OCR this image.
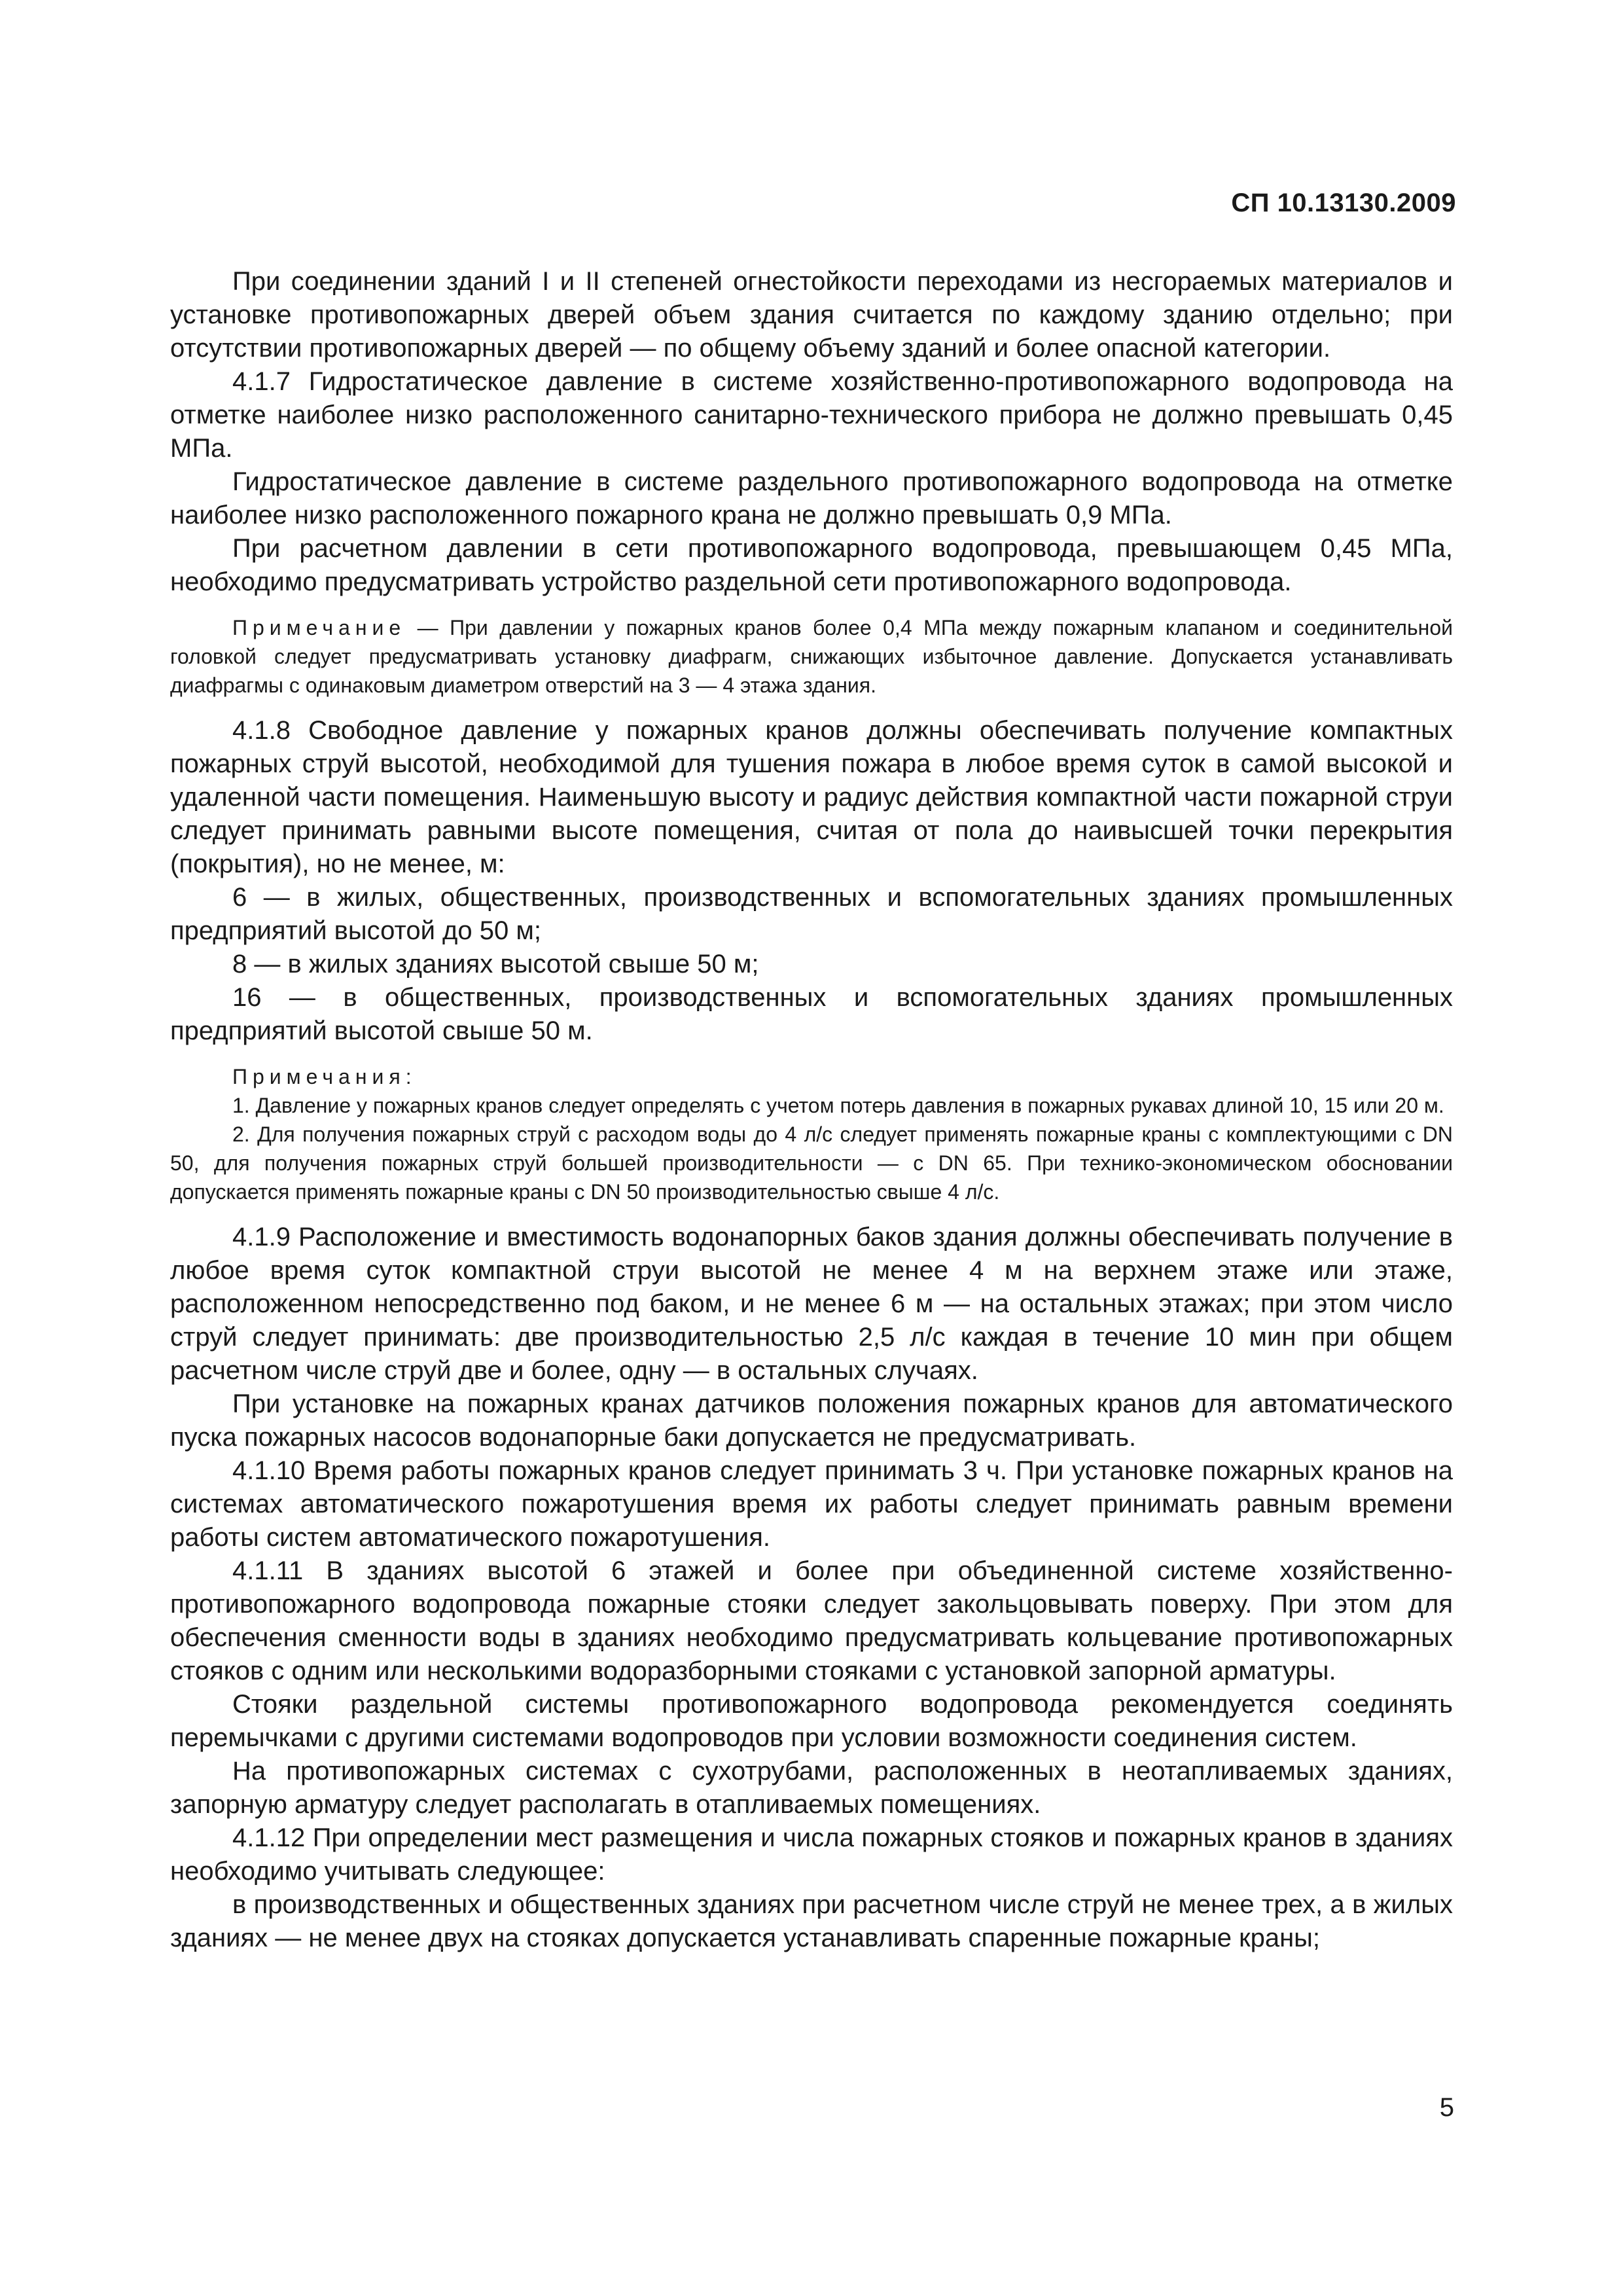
СП 10.13130.2009

При соединении зданий I и II степеней огнестойкости переходами из несгораемых материалов и установке противопожарных дверей объем здания считается по каждому зданию отдельно; при отсутствии противопожарных дверей — по общему объему зданий и более опасной категории.

4.1.7 Гидростатическое давление в системе хозяйственно-противопожарного водопровода на отметке наиболее низко расположенного санитарно-технического прибора не должно превышать 0,45 МПа.

Гидростатическое давление в системе раздельного противопожарного водопровода на отметке наиболее низко расположенного пожарного крана не должно превышать 0,9 МПа.

При расчетном давлении в сети противопожарного водопровода, превышающем 0,45 МПа, необходимо предусматривать устройство раздельной сети противопожарного водопровода.

Примечание — При давлении у пожарных кранов более 0,4 МПа между пожарным клапаном и соединительной головкой следует предусматривать установку диафрагм, снижающих избыточное давление. Допускается устанавливать диафрагмы с одинаковым диаметром отверстий на 3 — 4 этажа здания.

4.1.8 Свободное давление у пожарных кранов должны обеспечивать получение компактных пожарных струй высотой, необходимой для тушения пожара в любое время суток в самой высокой и удаленной части помещения. Наименьшую высоту и радиус действия компактной части пожарной струи следует принимать равными высоте помещения, считая от пола до наивысшей точки перекрытия (покрытия), но не менее, м:

6 — в жилых, общественных, производственных и вспомогательных зданиях промышленных предприятий высотой до 50 м;

8 — в жилых зданиях высотой свыше 50 м;

16 — в общественных, производственных и вспомогательных зданиях промышленных предприятий высотой свыше 50 м.

Примечания:

1. Давление у пожарных кранов следует определять с учетом потерь давления в пожарных рукавах длиной 10, 15 или 20 м.

2. Для получения пожарных струй с расходом воды до 4 л/с следует применять пожарные краны с комплектующими с DN 50, для получения пожарных струй большей производительности — с DN 65. При технико-экономическом обосновании допускается применять пожарные краны с DN 50 производительностью свыше 4 л/с.

4.1.9 Расположение и вместимость водонапорных баков здания должны обеспечивать получение в любое время суток компактной струи высотой не менее 4 м на верхнем этаже или этаже, расположенном непосредственно под баком, и не менее 6 м — на остальных этажах; при этом число струй следует принимать: две производительностью 2,5 л/с каждая в течение 10 мин при общем расчетном числе струй две и более, одну — в остальных случаях.

При установке на пожарных кранах датчиков положения пожарных кранов для автоматического пуска пожарных насосов водонапорные баки допускается не предусматривать.

4.1.10 Время работы пожарных кранов следует принимать 3 ч. При установке пожарных кранов на системах автоматического пожаротушения время их работы следует принимать равным времени работы систем автоматического пожаротушения.

4.1.11 В зданиях высотой 6 этажей и более при объединенной системе хозяйственно-противопожарного водопровода пожарные стояки следует закольцовывать поверху. При этом для обеспечения сменности воды в зданиях необходимо предусматривать кольцевание противопожарных стояков с одним или несколькими водоразборными стояками с установкой запорной арматуры.

Стояки раздельной системы противопожарного водопровода рекомендуется соединять перемычками с другими системами водопроводов при условии возможности соединения систем.

На противопожарных системах с сухотрубами, расположенных в неотапливаемых зданиях, запорную арматуру следует располагать в отапливаемых помещениях.

4.1.12 При определении мест размещения и числа пожарных стояков и пожарных кранов в зданиях необходимо учитывать следующее:

в производственных и общественных зданиях при расчетном числе струй не менее трех, а в жилых зданиях — не менее двух на стояках допускается устанавливать спаренные пожарные краны;

5
